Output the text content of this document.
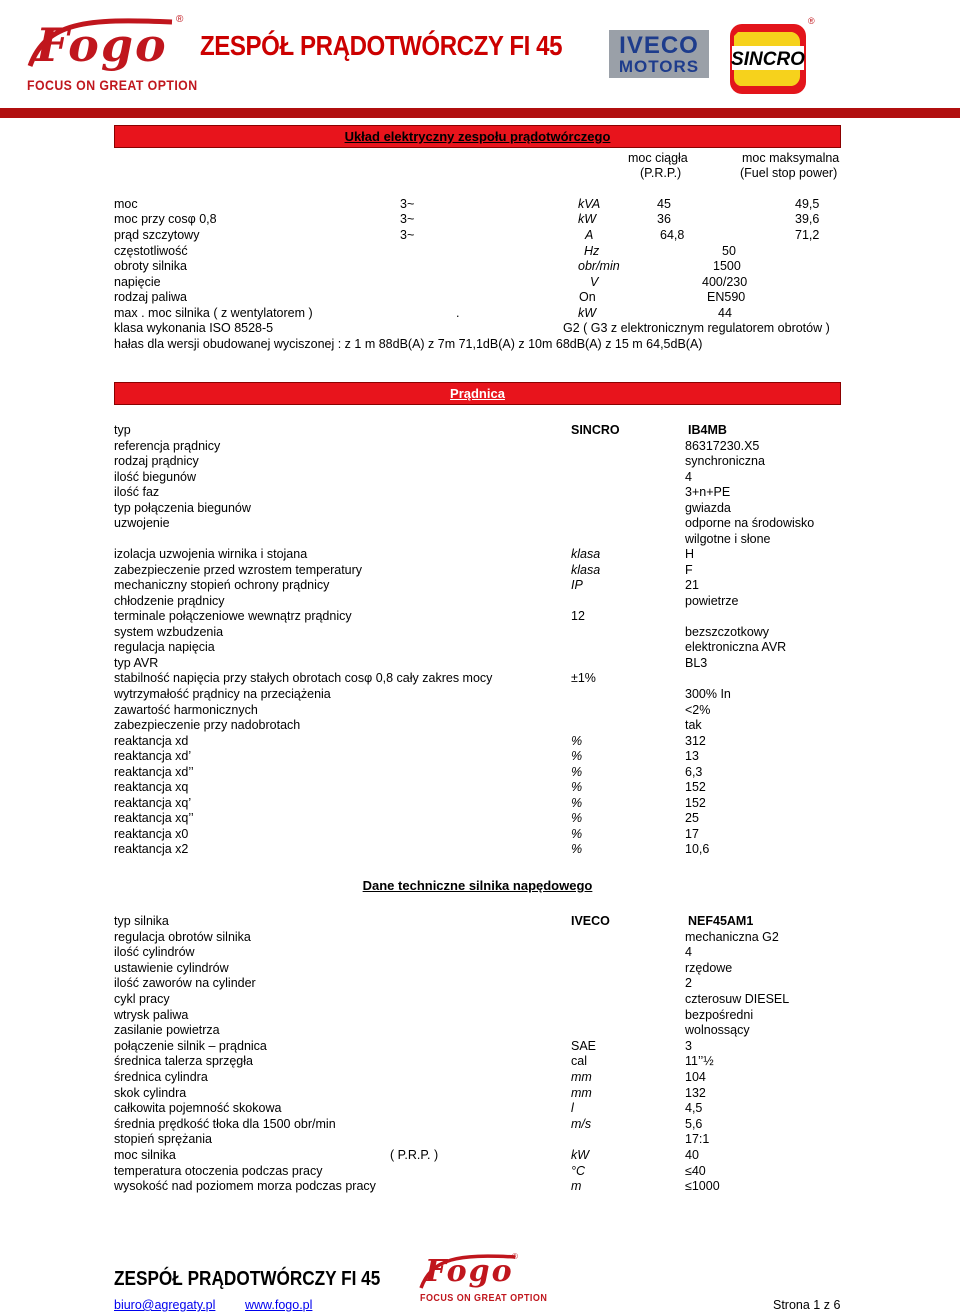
Fogo ®
FOCUS ON GREAT OPTION
ZESPÓŁ PRĄDOTWÓRCZY FI 45	IVECO
MOTORS	SINCRO
®
Układ elektryczny zespołu prądotwórczego
moc ciągła
(P.R.P.)
moc maksymalna
(Fuel stop power)
moc	3~	kVA	45	49,5
moc przy cosφ 0,8	3~	kW	36	39,6
prąd szczytowy	3~	A	64,8	71,2
częstotliwość	Hz	50
obroty silnika	obr/min	1500
napięcie	V	400/230
rodzaj paliwa	On	EN590
max . moc silnika ( z wentylatorem )	.	kW	44
klasa wykonania ISO 8528-5	G2 ( G3 z elektronicznym regulatorem obrotów )
hałas dla wersji obudowanej wyciszonej : z 1 m 88dB(A) z 7m 71,1dB(A) z 10m 68dB(A) z 15 m 64,5dB(A)
Prądnica
typ	SINCRO	IB4MB
referencja prądnicy	86317230.X5
rodzaj prądnicy	synchroniczna
ilość biegunów	4
ilość faz	3+n+PE
typ połączenia biegunów	gwiazda
uzwojenie	odporne na środowisko
wilgotne i słone
izolacja uzwojenia wirnika i stojana	klasa	H
zabezpieczenie przed wzrostem temperatury	klasa	F
mechaniczny stopień ochrony prądnicy	IP	21
chłodzenie prądnicy	powietrze
terminale połączeniowe wewnątrz prądnicy	12
system wzbudzenia	bezszczotkowy
regulacja napięcia	elektroniczna AVR
typ AVR	BL3
stabilność napięcia przy stałych obrotach cosφ 0,8 cały zakres mocy	±1%
wytrzymałość prądnicy na przeciążenia	300% In
zawartość harmonicznych	<2%
zabezpieczenie przy nadobrotach	tak
reaktancja xd	%	312
reaktancja xd’	%	13
reaktancja xd’’	%	6,3
reaktancja xq	%	152
reaktancja xq’	%	152
reaktancja xq’’	%	25
reaktancja x0	%	17
reaktancja x2	%	10,6
Dane techniczne silnika napędowego
typ silnika	IVECO	NEF45AM1
regulacja obrotów silnika	mechaniczna G2
ilość cylindrów	4
ustawienie cylindrów	rzędowe
ilość zaworów na cylinder	2
cykl pracy	czterosuw DIESEL
wtrysk paliwa	bezpośredni
zasilanie powietrza	wolnossący
połączenie silnik – prądnica	SAE	3
średnica talerza sprzęgła	cal	11’’½
średnica cylindra	mm	104
skok cylindra	mm	132
całkowita pojemność skokowa	l	4,5
średnia prędkość tłoka dla 1500 obr/min	m/s	5,6
stopień sprężania	17:1
moc silnika	( P.R.P. )	kW	40
temperatura otoczenia podczas pracy	°C	≤40
wysokość nad poziomem morza podczas pracy	m	≤1000
ZESPÓŁ PRĄDOTWÓRCZY FI 45 Fogo
®
FOCUS ON GREAT OPTION
biuro@agregaty.pl www.fogo.pl	Strona 1 z 6
